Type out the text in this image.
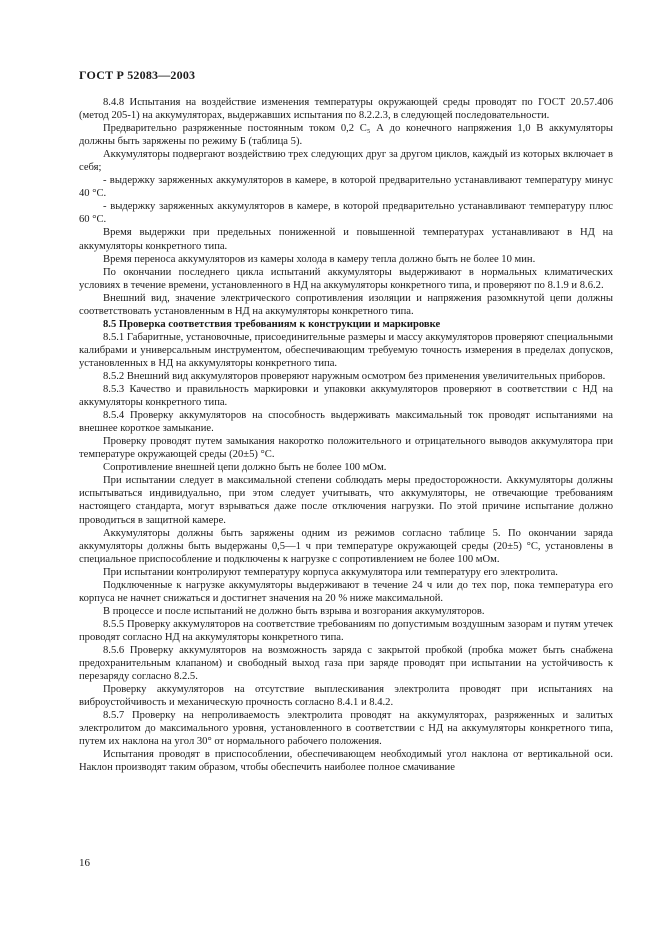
ГОСТ Р 52083—2003

8.4.8 Испытания на воздействие изменения температуры окружающей среды проводят по ГОСТ 20.57.406 (метод 205-1) на аккумуляторах, выдержавших испытания по 8.2.2.3, в следующей последовательности.

Предварительно разряженные постоянным током 0,2 C₅ А до конечного напряжения 1,0 В аккумуляторы должны быть заряжены по режиму Б (таблица 5).

Аккумуляторы подвергают воздействию трех следующих друг за другом циклов, каждый из которых включает в себя;

- выдержку заряженных аккумуляторов в камере, в которой предварительно устанавливают температуру минус 40 °С.

- выдержку заряженных аккумуляторов в камере, в которой предварительно устанавливают температуру плюс 60 °С.

Время выдержки при предельных пониженной и повышенной температурах устанавливают в НД на аккумуляторы конкретного типа.

Время переноса аккумуляторов из камеры холода в камеру тепла должно быть не более 10 мин.

По окончании последнего цикла испытаний аккумуляторы выдерживают в нормальных климатических условиях в течение времени, установленного в НД на аккумуляторы конкретного типа, и проверяют по 8.1.9 и 8.6.2.

Внешний вид, значение электрического сопротивления изоляции и напряжения разомкнутой цепи должны соответствовать установленным в НД на аккумуляторы конкретного типа.

8.5 Проверка соответствия требованиям к конструкции и маркировке

8.5.1 Габаритные, установочные, присоединительные размеры и массу аккумуляторов проверяют специальными калибрами и универсальным инструментом, обеспечивающим требуемую точность измерения в пределах допусков, установленных в НД на аккумуляторы конкретного типа.

8.5.2 Внешний вид аккумуляторов проверяют наружным осмотром без применения увеличительных приборов.

8.5.3 Качество и правильность маркировки и упаковки аккумуляторов проверяют в соответствии с НД на аккумуляторы конкретного типа.

8.5.4 Проверку аккумуляторов на способность выдерживать максимальный ток проводят испытаниями на внешнее короткое замыкание.

Проверку проводят путем замыкания накоротко положительного и отрицательного выводов аккумулятора при температуре окружающей среды (20±5) °С.

Сопротивление внешней цепи должно быть не более 100 мОм.

При испытании следует в максимальной степени соблюдать меры предосторожности. Аккумуляторы должны испытываться индивидуально, при этом следует учитывать, что аккумуляторы, не отвечающие требованиям настоящего стандарта, могут взрываться даже после отключения нагрузки. По этой причине испытание должно проводиться в защитной камере.

Аккумуляторы должны быть заряжены одним из режимов согласно таблице 5. По окончании заряда аккумуляторы должны быть выдержаны 0,5—1 ч при температуре окружающей среды (20±5) °С, установлены в специальное приспособление и подключены к нагрузке с сопротивлением не более 100 мОм.

При испытании контролируют температуру корпуса аккумулятора или температуру его электролита.

Подключенные к нагрузке аккумуляторы выдерживают в течение 24 ч или до тех пор, пока температура его корпуса не начнет снижаться и достигнет значения на 20 % ниже максимальной.

В процессе и после испытаний не должно быть взрыва и возгорания аккумуляторов.

8.5.5 Проверку аккумуляторов на соответствие требованиям по допустимым воздушным зазорам и путям утечек проводят согласно НД на аккумуляторы конкретного типа.

8.5.6 Проверку аккумуляторов на возможность заряда с закрытой пробкой (пробка может быть снабжена предохранительным клапаном) и свободный выход газа при заряде проводят при испытании на устойчивость к перезаряду согласно 8.2.5.

Проверку аккумуляторов на отсутствие выплескивания электролита проводят при испытаниях на виброустойчивость и механическую прочность согласно 8.4.1 и 8.4.2.

8.5.7 Проверку на непроливаемость электролита проводят на аккумуляторах, разряженных и залитых электролитом до максимального уровня, установленного в соответствии с НД на аккумуляторы конкретного типа, путем их наклона на угол 30° от нормального рабочего положения.

Испытания проводят в приспособлении, обеспечивающем необходимый угол наклона от вертикальной оси. Наклон производят таким образом, чтобы обеспечить наиболее полное смачивание

16
